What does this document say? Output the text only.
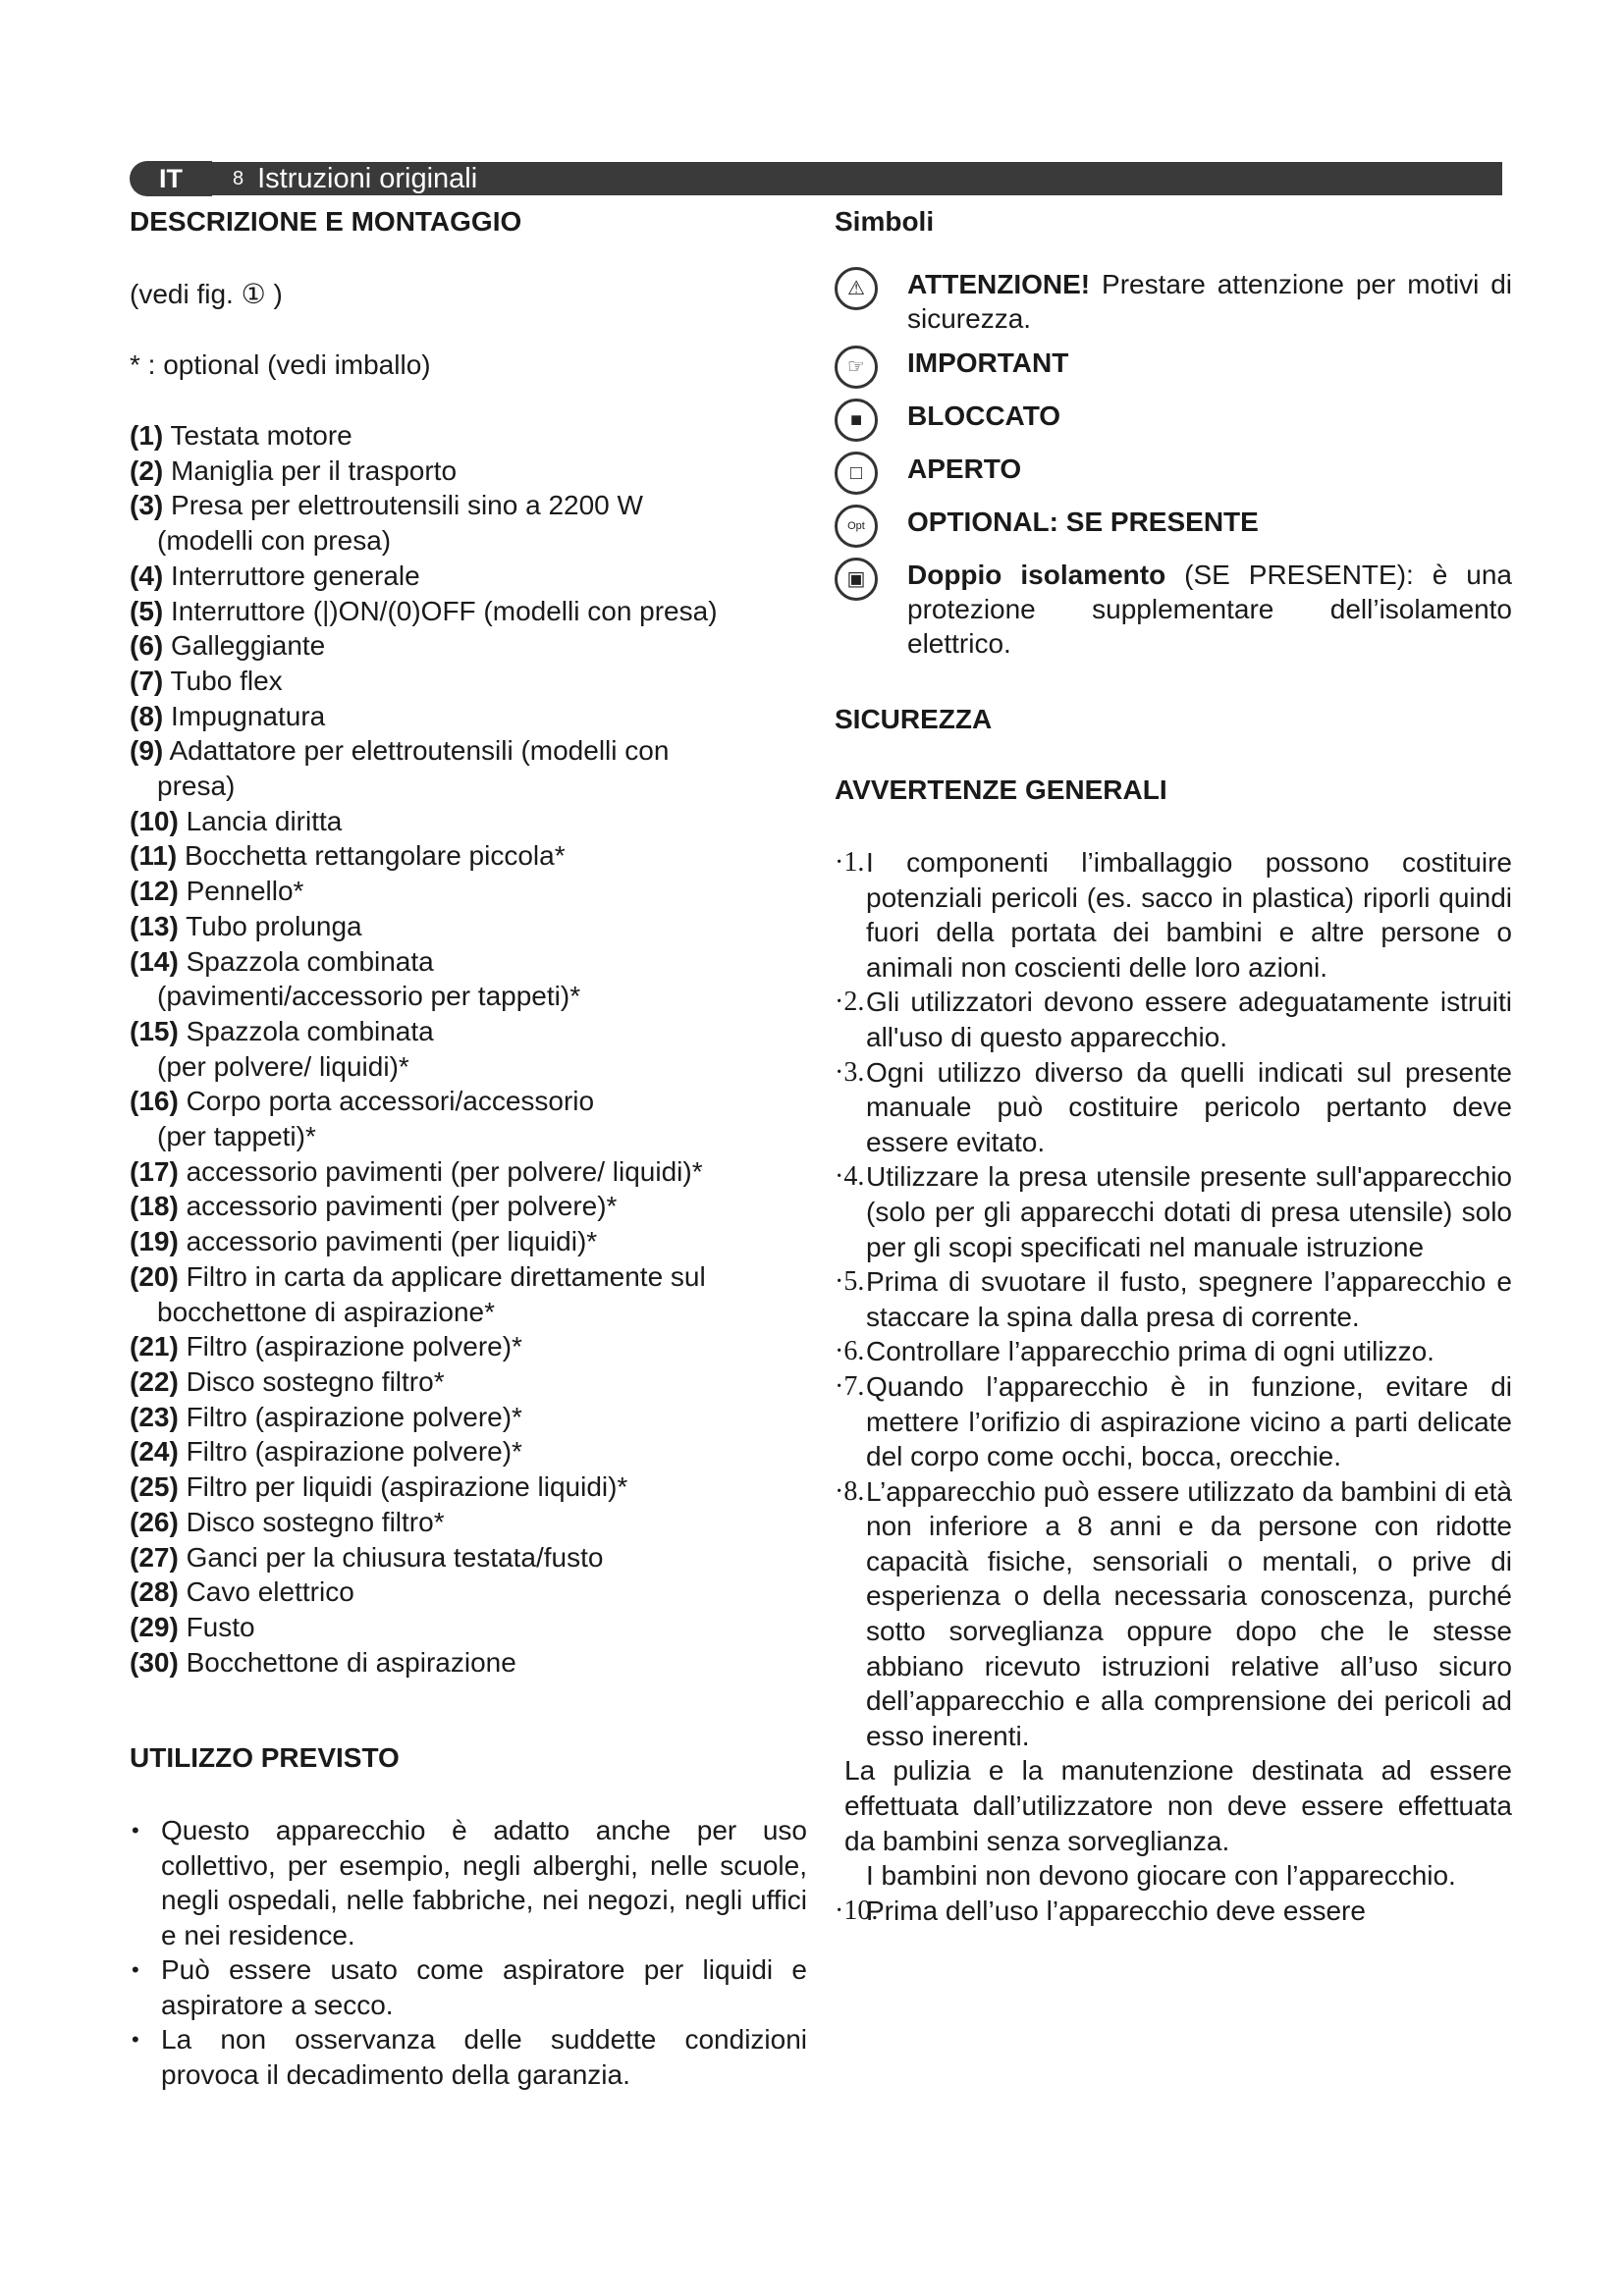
IT	8 Istruzioni originali

DESCRIZIONE E MONTAGGIO

(vedi fig. ① )

* : optional (vedi imballo)

(1) Testata motore
(2) Maniglia per il trasporto
(3) Presa per elettroutensili sino a 2200 W
(modelli con presa)
(4) Interruttore generale
(5) Interruttore (|)ON/(0)OFF (modelli con presa)
(6) Galleggiante
(7) Tubo flex
(8) Impugnatura
(9) Adattatore per elettroutensili (modelli con
presa)
(10) Lancia diritta
(11) Bocchetta rettangolare piccola*
(12) Pennello*
(13) Tubo prolunga
(14) Spazzola combinata
(pavimenti/accessorio per tappeti)*
(15) Spazzola combinata
(per polvere/ liquidi)*
(16) Corpo porta accessori/accessorio
(per tappeti)*
(17) accessorio pavimenti (per polvere/ liquidi)*
(18) accessorio pavimenti (per polvere)*
(19) accessorio pavimenti (per liquidi)*
(20) Filtro in carta da applicare direttamente sul
bocchettone di aspirazione*
(21) Filtro (aspirazione polvere)*
(22) Disco sostegno filtro*
(23) Filtro (aspirazione polvere)*
(24) Filtro (aspirazione polvere)*
(25) Filtro per liquidi (aspirazione liquidi)*
(26) Disco sostegno filtro*
(27) Ganci per la chiusura testata/fusto
(28) Cavo elettrico
(29) Fusto
(30) Bocchettone di aspirazione

UTILIZZO PREVISTO

• Questo apparecchio è adatto anche per uso collettivo, per esempio, negli alberghi, nelle scuole, negli ospedali, nelle fabbriche, nei negozi, negli uffici e nei residence.
• Può essere usato come aspiratore per liquidi e aspiratore a secco.
• La non osservanza delle suddette condizioni provoca il decadimento della garanzia.

Simboli

⚠	ATTENZIONE! Prestare attenzione per motivi di sicurezza.
☞	IMPORTANT
■	BLOCCATO
□	APERTO
Opt	OPTIONAL: SE PRESENTE
▣	Doppio isolamento (SE PRESENTE): è una protezione supplementare dell’isolamento elettrico.

SICUREZZA

AVVERTENZE GENERALI

·1. I componenti l’imballaggio possono costituire potenziali pericoli (es. sacco in plastica) riporli quindi fuori della portata dei bambini e altre persone o animali non coscienti delle loro azioni.
·2. Gli utilizzatori devono essere adeguatamente istruiti all'uso di questo apparecchio.
·3. Ogni utilizzo diverso da quelli indicati sul presente manuale può costituire pericolo pertanto deve essere evitato.
·4. Utilizzare la presa utensile presente sull'apparecchio (solo per gli apparecchi dotati di presa utensile) solo per gli scopi specificati nel manuale istruzione
·5. Prima di svuotare il fusto, spegnere l’apparecchio e staccare la spina dalla presa di corrente.
·6. Controllare l’apparecchio prima di ogni utilizzo.
·7. Quando l’apparecchio è in funzione, evitare di mettere l’orifizio di aspirazione vicino a parti delicate del corpo come occhi, bocca, orecchie.
·8. L’apparecchio può essere utilizzato da bambini di età non inferiore a 8 anni e da persone con ridotte capacità fisiche, sensoriali o mentali, o prive di esperienza o della necessaria conoscenza, purché sotto sorveglianza oppure dopo che le stesse abbiano ricevuto istruzioni relative all’uso sicuro dell’apparecchio e alla comprensione dei pericoli ad esso inerenti.
La pulizia e la manutenzione destinata ad essere effettuata dall’utilizzatore non deve essere effettuata da bambini senza sorveglianza.
I bambini non devono giocare con l’apparecchio.
·10.
Prima dell’uso l’apparecchio deve essere
